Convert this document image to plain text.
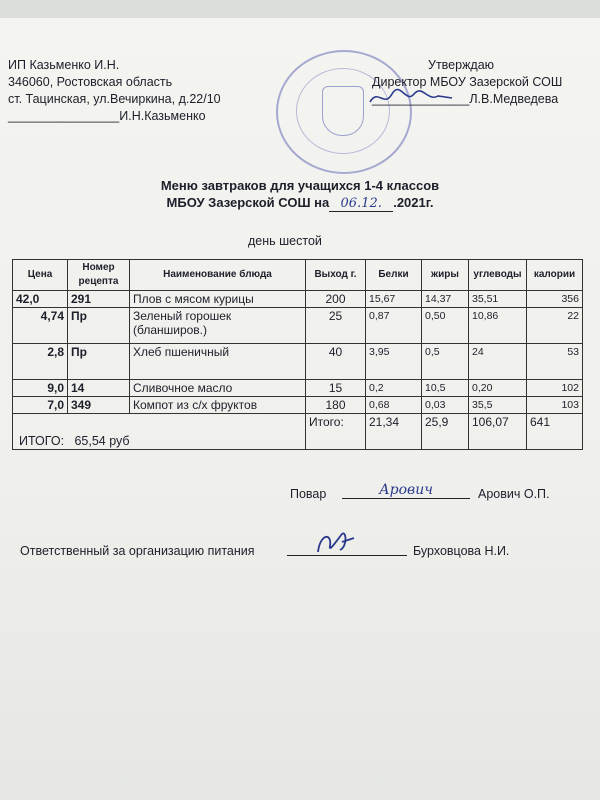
ИП Казьменко И.Н.
346060, Ростовская область
ст. Тацинская, ул.Вечиркина, д.22/10
________________И.Н.Казьменко
Утверждаю
Директор МБОУ Зазерской СОШ
______________Л.В.Медведева
Меню завтраков для учащихся 1-4 классов
МБОУ Зазерской СОШ на 06.12. .2021г.
день шестой
Цена	Номер рецепта	Наименование блюда	Выход г.	Белки	жиры	углеводы	калории
42,0	291	Плов с мясом курицы	200	15,67	14,37	35,51	356
4,74	Пр	Зеленый горошек (бланширов.)	25	0,87	0,50	10,86	22
2,8	Пр	Хлеб пшеничный	40	3,95	0,5	24	53
9,0	14	Сливочное масло	15	0,2	10,5	0,20	102
7,0	349	Компот из с/х фруктов	180	0,68	0,03	35,5	103
ИТОГО: 65,54 руб			Итого:	21,34	25,9	106,07	641
Повар	Арович	Арович О.П.
Ответственный за организацию питания	Бурховцова Н.И.
